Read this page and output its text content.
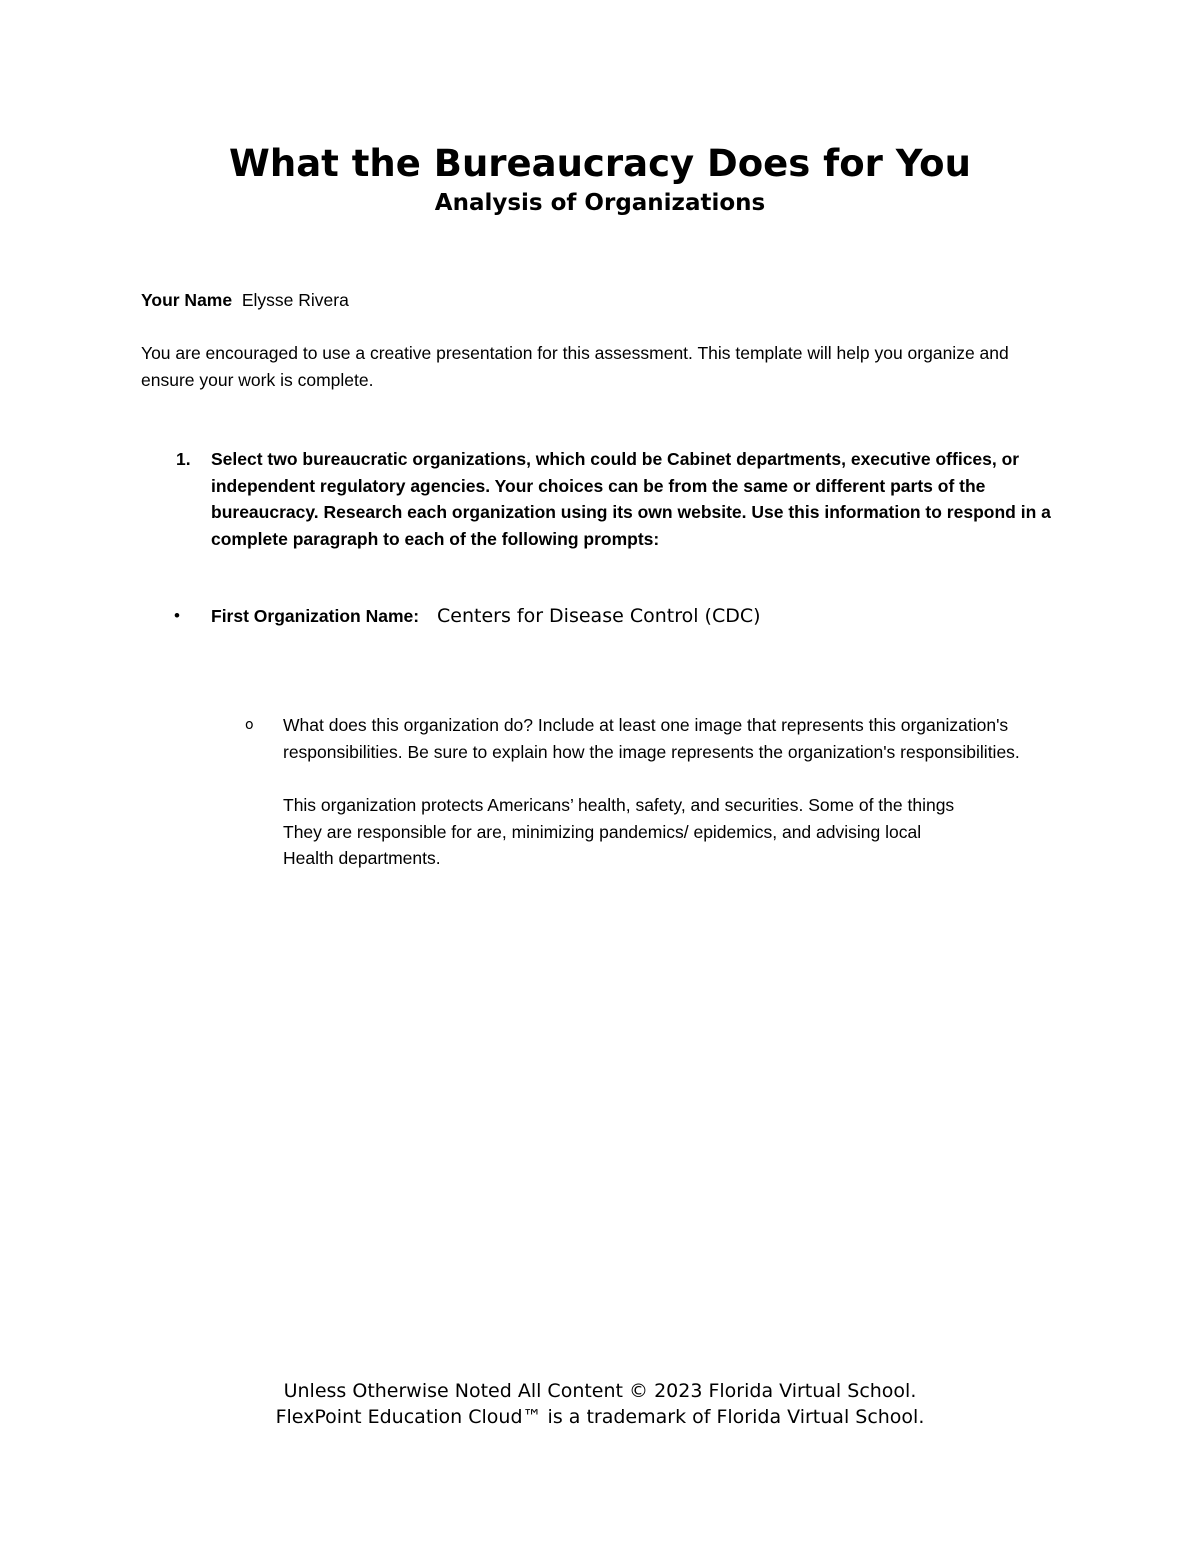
What the Bureaucracy Does for You
Analysis of Organizations
Your Name Elysse Rivera

You are encouraged to use a creative presentation for this assessment. This template will help you organize and ensure your work is complete.

1. Select two bureaucratic organizations, which could be Cabinet departments, executive offices, or independent regulatory agencies. Your choices can be from the same or different parts of the bureaucracy. Research each organization using its own website. Use this information to respond in a complete paragraph to each of the following prompts:

• First Organization Name: Centers for Disease Control (CDC)
o What does this organization do? Include at least one image that represents this organization's responsibilities. Be sure to explain how the image represents the organization's responsibilities.

This organization protects Americans’ health, safety, and securities. Some of the things
They are responsible for are, minimizing pandemics/ epidemics, and advising local
Health departments.
Unless Otherwise Noted All Content © 2023 Florida Virtual School.
FlexPoint Education Cloud™ is a trademark of Florida Virtual School.
